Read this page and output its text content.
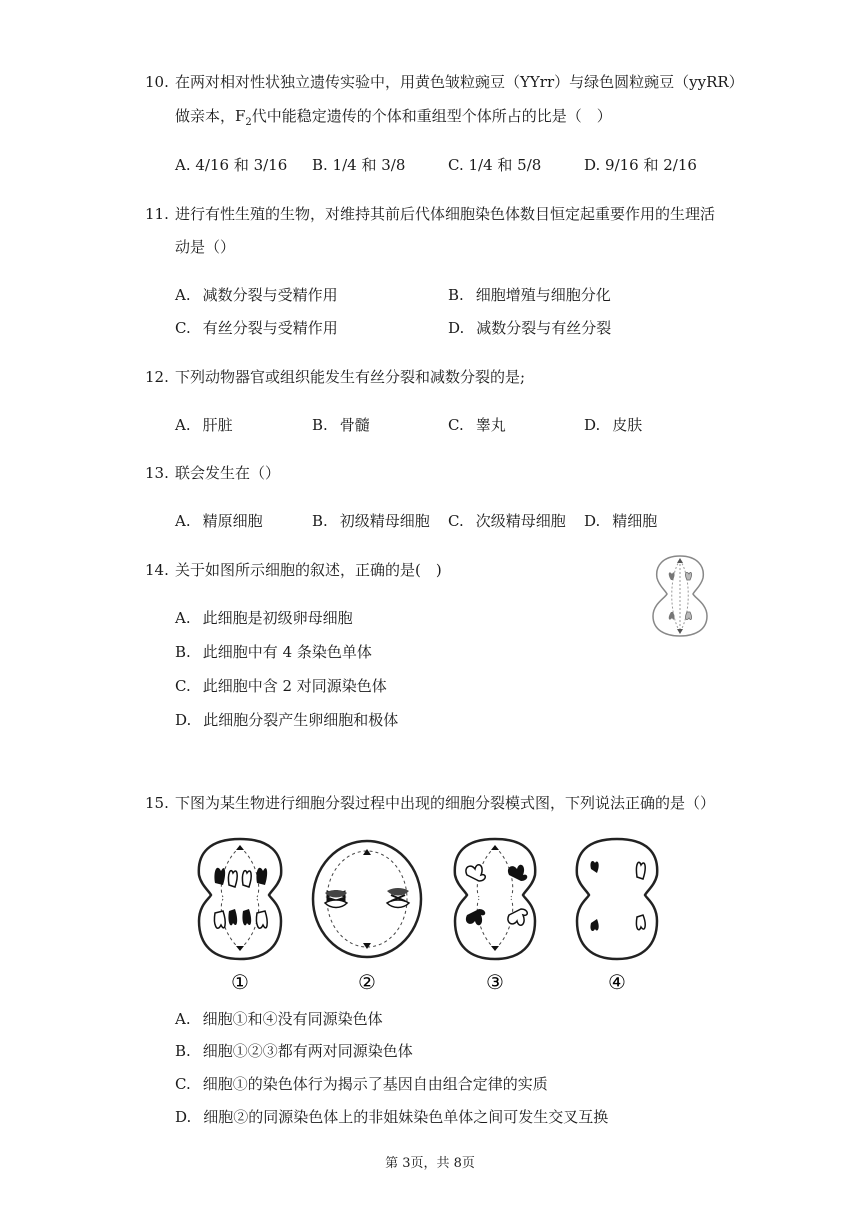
10. 在两对相对性状独立遗传实验中，用黄色皱粒豌豆（YYrr）与绿色圆粒豌豆（yyRR）
做亲本，$F_2$代中能稳定遗传的个体和重组型个体所占的比是（　）
A. 4/16 和 3/16 B. 1/4 和 3/8	C. 1/4 和 5/8	D. 9/16 和 2/16
11. 进行有性生殖的生物，对维持其前后代体细胞染色体数目恒定起重要作用的生理活
动是（）
A. 减数分裂与受精作用	B. 细胞增殖与细胞分化
C. 有丝分裂与受精作用	D. 减数分裂与有丝分裂
12. 下列动物器官或组织能发生有丝分裂和减数分裂的是;
A. 肝脏	B. 骨髓	C. 睾丸	D. 皮肤
13. 联会发生在（）
A. 精原细胞	B. 初级精母细胞 C. 次级精母细胞 D. 精细胞
14. 关于如图所示细胞的叙述，正确的是(　)
A. 此细胞是初级卵母细胞
B. 此细胞中有 4 条染色单体
C. 此细胞中含 2 对同源染色体
D. 此细胞分裂产生卵细胞和极体
15. 下图为某生物进行细胞分裂过程中出现的细胞分裂模式图，下列说法正确的是（）
①	②	③	④
A. 细胞①和④没有同源染色体
B. 细胞①②③都有两对同源染色体
C. 细胞①的染色体行为揭示了基因自由组合定律的实质
D. 细胞②的同源染色体上的非姐妹染色单体之间可发生交叉互换
第 3页，共 8页
